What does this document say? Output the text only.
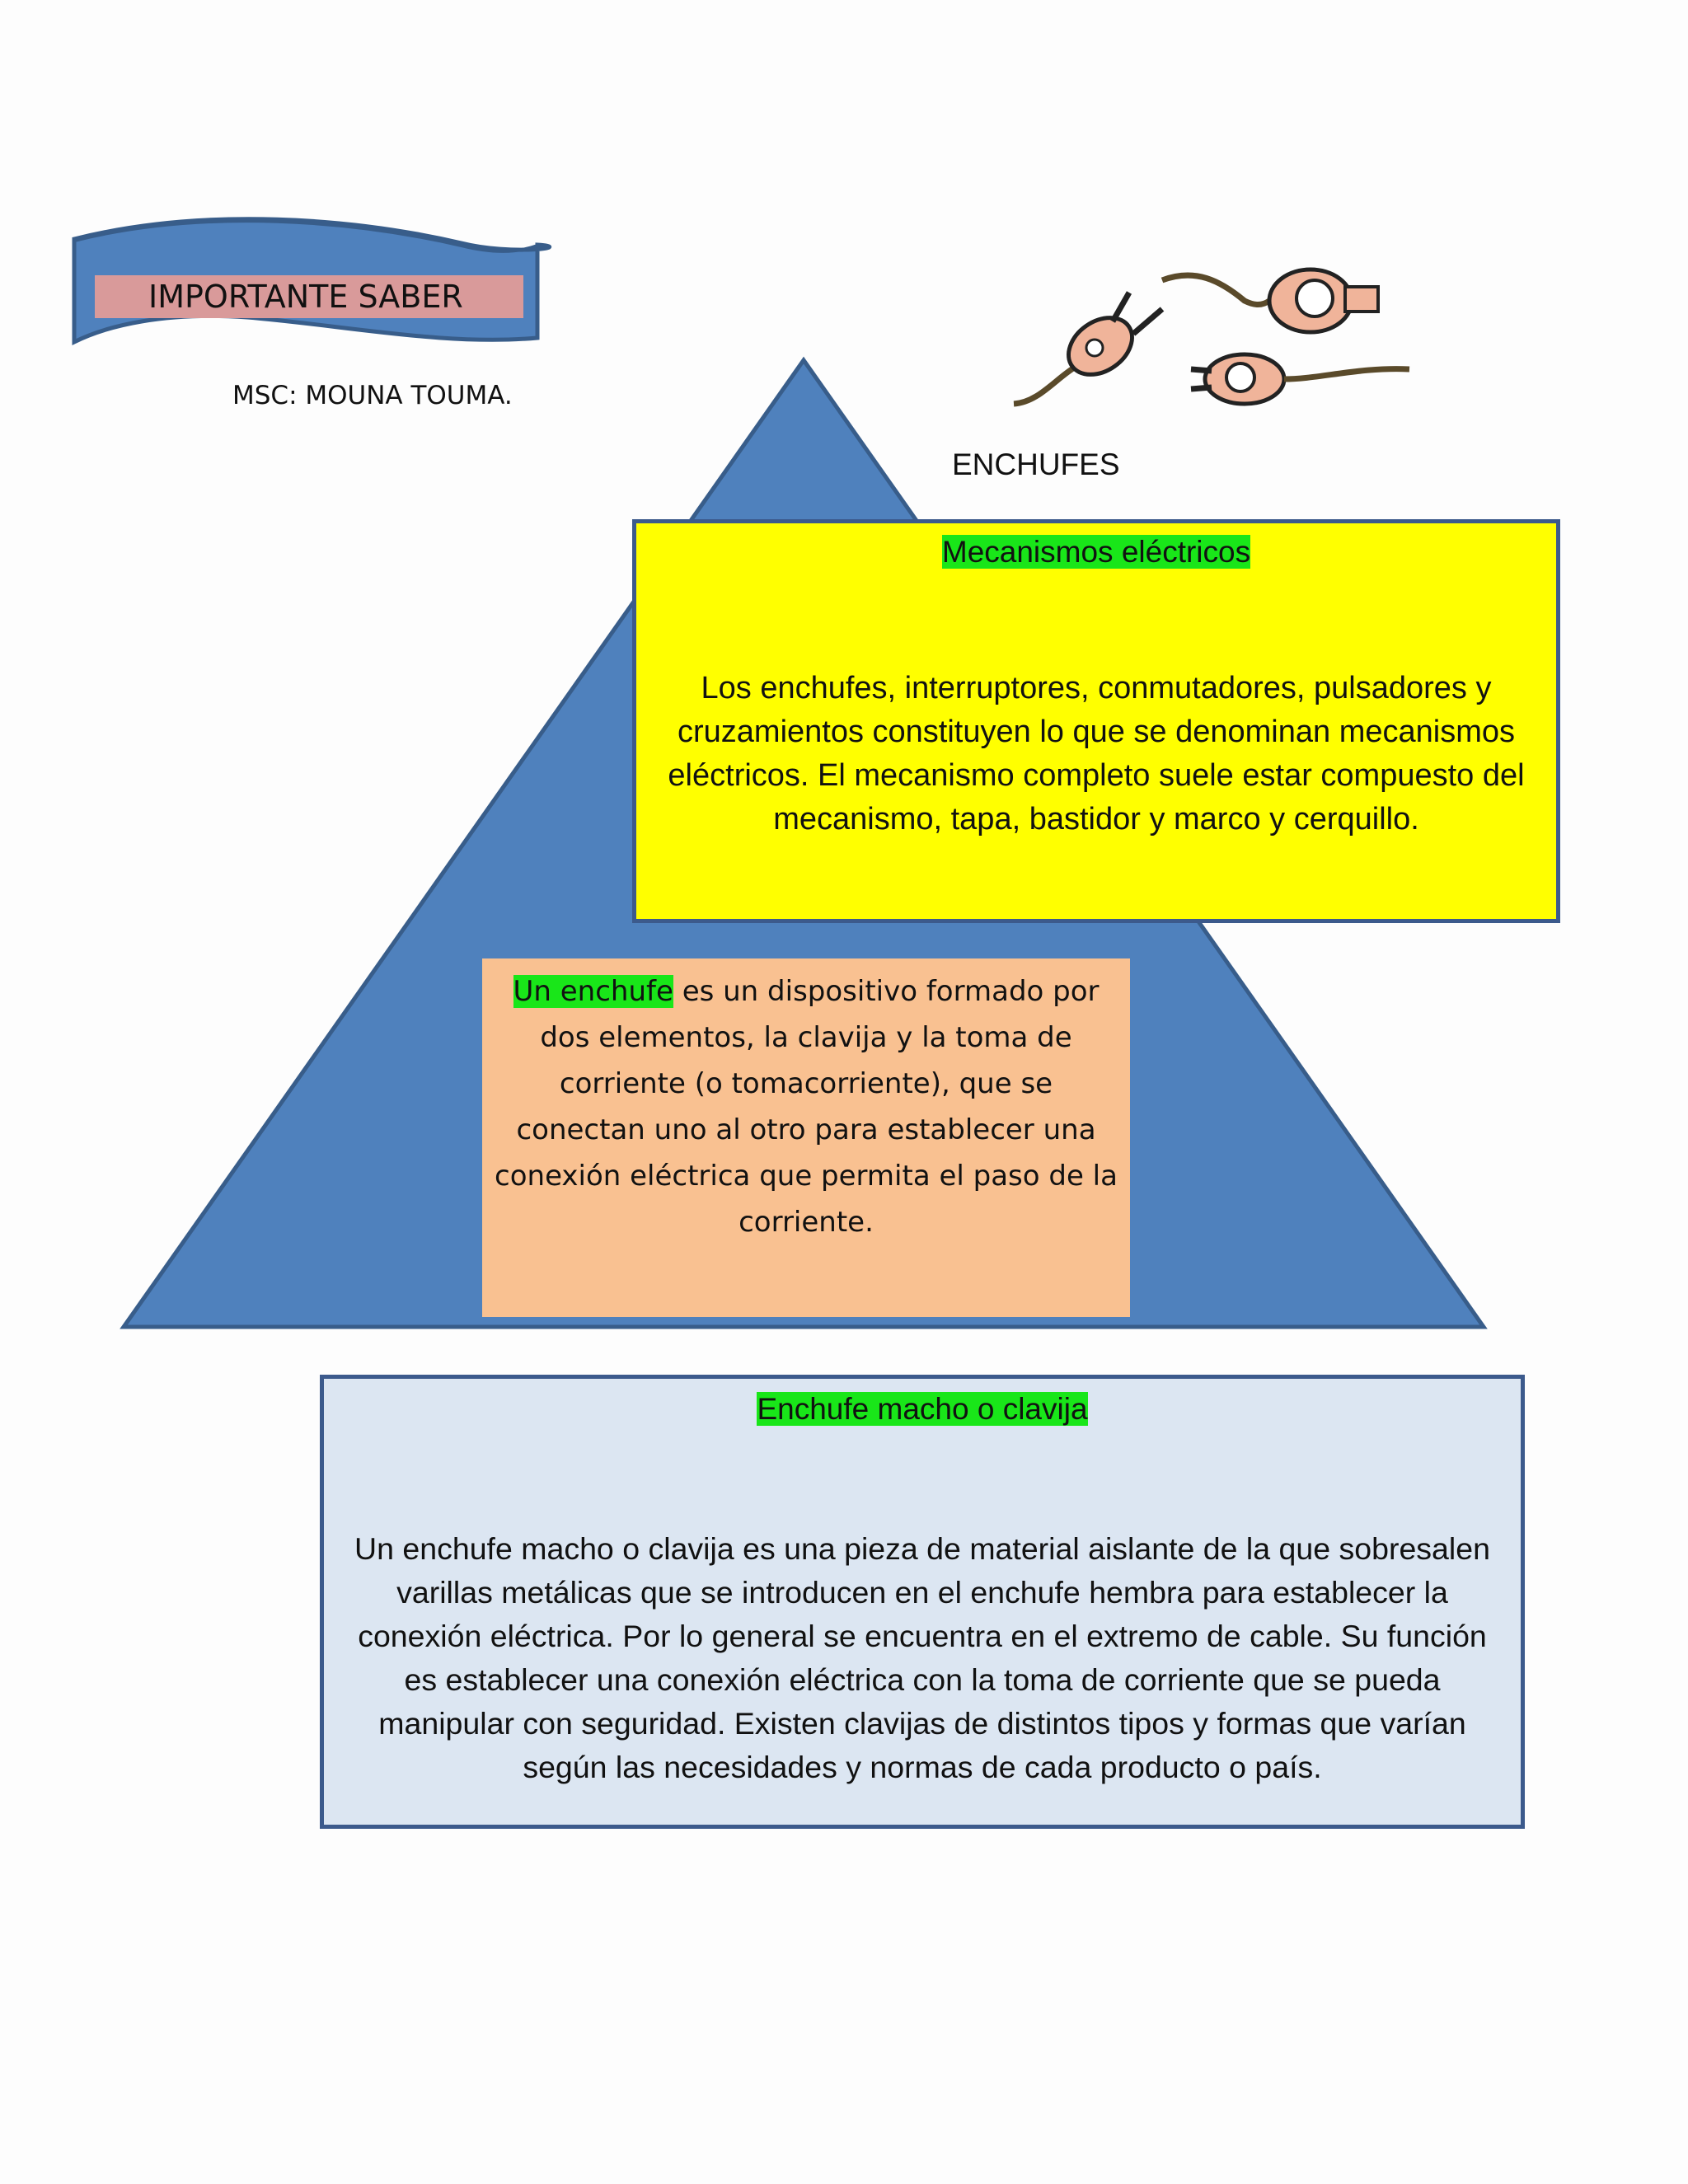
IMPORTANTE SABER
MSC: MOUNA TOUMA.
ENCHUFES
Mecanismos eléctricos
Los enchufes, interruptores, conmutadores, pulsadores y cruzamientos constituyen lo que se denominan mecanismos eléctricos. El mecanismo completo suele estar compuesto del mecanismo, tapa, bastidor y marco y cerquillo.
Un enchufe es un dispositivo formado por dos elementos, la clavija y la toma de corriente (o tomacorriente), que se conectan uno al otro para establecer una conexión eléctrica que permita el paso de la corriente.
Enchufe macho o clavija
Un enchufe macho o clavija es una pieza de material aislante de la que sobresalen varillas metálicas que se introducen en el enchufe hembra para establecer la conexión eléctrica. Por lo general se encuentra en el extremo de cable. Su función es establecer una conexión eléctrica con la toma de corriente que se pueda manipular con seguridad. Existen clavijas de distintos tipos y formas que varían según las necesidades y normas de cada producto o país.
